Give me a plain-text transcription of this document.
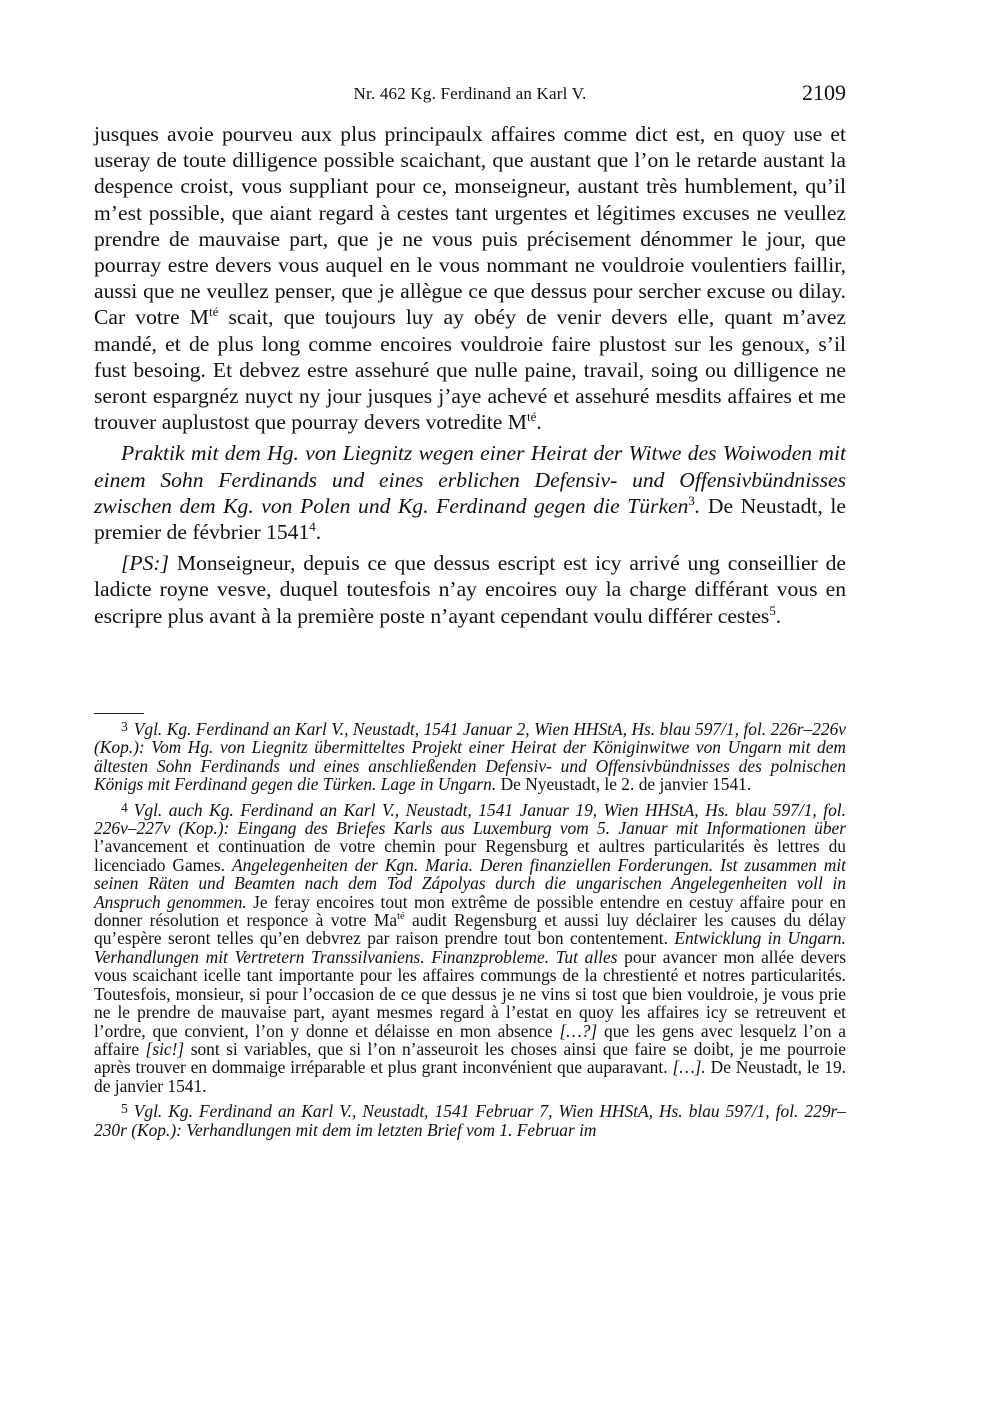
Nr. 462 Kg. Ferdinand an Karl V.	2109

jusques avoie pourveu aux plus principaulx affaires comme dict est, en quoy use et useray de toute dilligence possible scaichant, que austant que l’on le retarde austant la despence croist, vous suppliant pour ce, monseigneur, austant très humblement, qu’il m’est possible, que aiant regard à cestes tant urgentes et légitimes excuses ne veullez prendre de mauvaise part, que je ne vous puis précisement dénommer le jour, que pourray estre devers vous auquel en le vous nommant ne vouldroie voulentiers faillir, aussi que ne veullez penser, que je allègue ce que dessus pour sercher excuse ou dilay. Car votre $M^{té}$ scait, que toujours luy ay obéy de venir devers elle, quant m’avez mandé, et de plus long comme encoires vouldroie faire plustost sur les genoux, s’il fust besoing. Et debvez estre assehuré que nulle paine, travail, soing ou dilligence ne seront espargnéz nuyct ny jour jusques j’aye achevé et assehuré mesdits affaires et me trouver auplustost que pourray devers votredite $M^{té}$.

Praktik mit dem Hg. von Liegnitz wegen einer Heirat der Witwe des Woiwoden mit einem Sohn Ferdinands und eines erblichen Defensiv- und Offensivbündnisses zwischen dem Kg. von Polen und Kg. Ferdinand gegen die Türken$^3$. De Neustadt, le premier de févbrier 1541$^4$.

[PS:] Monseigneur, depuis ce que dessus escript est icy arrivé ung conseillier de ladicte royne vesve, duquel toutesfois n’ay encoires ouy la charge différant vous en escripre plus avant à la première poste n’ayant cependant voulu différer cestes$^5$.

$^3$ Vgl. Kg. Ferdinand an Karl V., Neustadt, 1541 Januar 2, Wien HHStA, Hs. blau 597/1, fol. 226r–226v (Kop.): Vom Hg. von Liegnitz übermitteltes Projekt einer Heirat der Königinwitwe von Ungarn mit dem ältesten Sohn Ferdinands und eines anschließenden Defensiv- und Offensivbündnisses des polnischen Königs mit Ferdinand gegen die Türken. Lage in Ungarn. De Nyeustadt, le 2. de janvier 1541.

$^4$ Vgl. auch Kg. Ferdinand an Karl V., Neustadt, 1541 Januar 19, Wien HHStA, Hs. blau 597/1, fol. 226v–227v (Kop.): Eingang des Briefes Karls aus Luxemburg vom 5. Januar mit Informationen über l’avancement et continuation de votre chemin pour Regensburg et aultres particularités ès lettres du licenciado Games. Angelegenheiten der Kgn. Maria. Deren finanziellen Forderungen. Ist zusammen mit seinen Räten und Beamten nach dem Tod Zápolyas durch die ungarischen Angelegenheiten voll in Anspruch genommen. Je feray encoires tout mon extrême de possible entendre en cestuy affaire pour en donner résolution et responce à votre $Ma^{té}$ audit Regensburg et aussi luy déclairer les causes du délay qu’espère seront telles qu’en debvrez par raison prendre tout bon contentement. Entwicklung in Ungarn. Verhandlungen mit Vertretern Transsilvaniens. Finanzprobleme. Tut alles pour avancer mon allée devers vous scaichant icelle tant importante pour les affaires commungs de la chrestienté et notres particularités. Toutesfois, monsieur, si pour l’occasion de ce que dessus je ne vins si tost que bien vouldroie, je vous prie ne le prendre de mauvaise part, ayant mesmes regard à l’estat en quoy les affaires icy se retreuvent et l’ordre, que convient, l’on y donne et délaisse en mon absence […?] que les gens avec lesquelz l’on a affaire [sic!] sont si variables, que si l’on n’asseuroit les choses ainsi que faire se doibt, je me pourroie après trouver en dommaige irréparable et plus grant inconvénient que auparavant. […]. De Neustadt, le 19. de janvier 1541.

$^5$ Vgl. Kg. Ferdinand an Karl V., Neustadt, 1541 Februar 7, Wien HHStA, Hs. blau 597/1, fol. 229r–230r (Kop.): Verhandlungen mit dem im letzten Brief vom 1. Februar im
